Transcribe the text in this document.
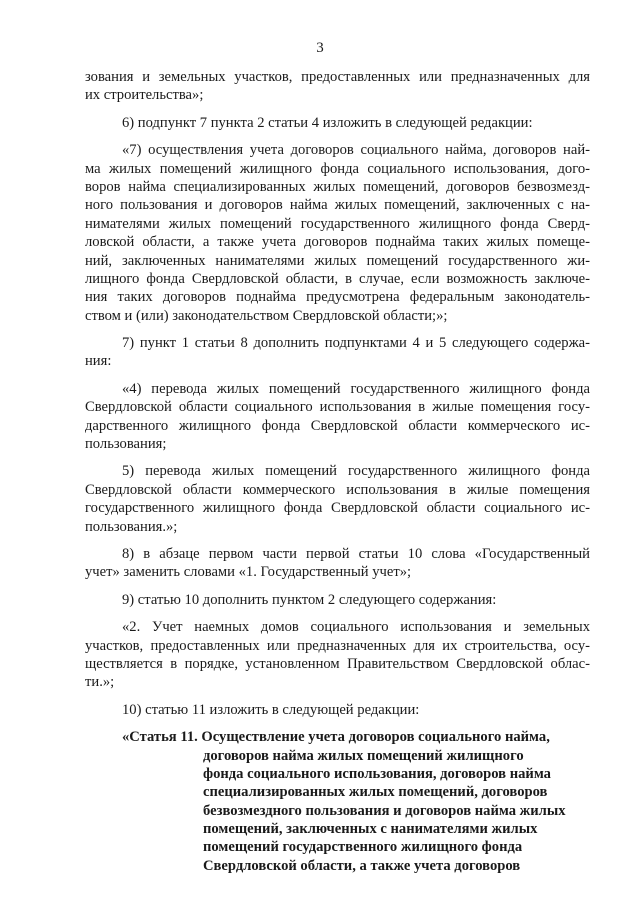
3
зования и земельных участков, предоставленных или предназначенных для
их строительства»;
6) подпункт 7 пункта 2 статьи 4 изложить в следующей редакции:
«7) осуществления учета договоров социального найма, договоров най-
ма жилых помещений жилищного фонда социального использования, дого-
воров найма специализированных жилых помещений, договоров безвозмезд-
ного пользования и договоров найма жилых помещений, заключенных с на-
нимателями жилых помещений государственного жилищного фонда Сверд-
ловской области, а также учета договоров поднайма таких жилых помеще-
ний, заключенных нанимателями жилых помещений государственного жи-
лищного фонда Свердловской области, в случае, если возможность заключе-
ния таких договоров поднайма предусмотрена федеральным законодатель-
ством и (или) законодательством Свердловской области;»;
7) пункт 1 статьи 8 дополнить подпунктами 4 и 5 следующего содержа-
ния:
«4) перевода жилых помещений государственного жилищного фонда
Свердловской области социального использования в жилые помещения госу-
дарственного жилищного фонда Свердловской области коммерческого ис-
пользования;
5) перевода жилых помещений государственного жилищного фонда
Свердловской области коммерческого использования в жилые помещения
государственного жилищного фонда Свердловской области социального ис-
пользования.»;
8) в абзаце первом части первой статьи 10 слова «Государственный
учет» заменить словами «1. Государственный учет»;
9) статью 10 дополнить пунктом 2 следующего содержания:
«2. Учет наемных домов социального использования и земельных
участков, предоставленных или предназначенных для их строительства, осу-
ществляется в порядке, установленном Правительством Свердловской облас-
ти.»;
10) статью 11 изложить в следующей редакции:
«Статья 11. Осуществление учета договоров социального найма,
договоров найма жилых помещений жилищного
фонда социального использования, договоров найма
специализированных жилых помещений, договоров
безвозмездного пользования и договоров найма жилых
помещений, заключенных с нанимателями жилых
помещений государственного жилищного фонда
Свердловской области, а также учета договоров
